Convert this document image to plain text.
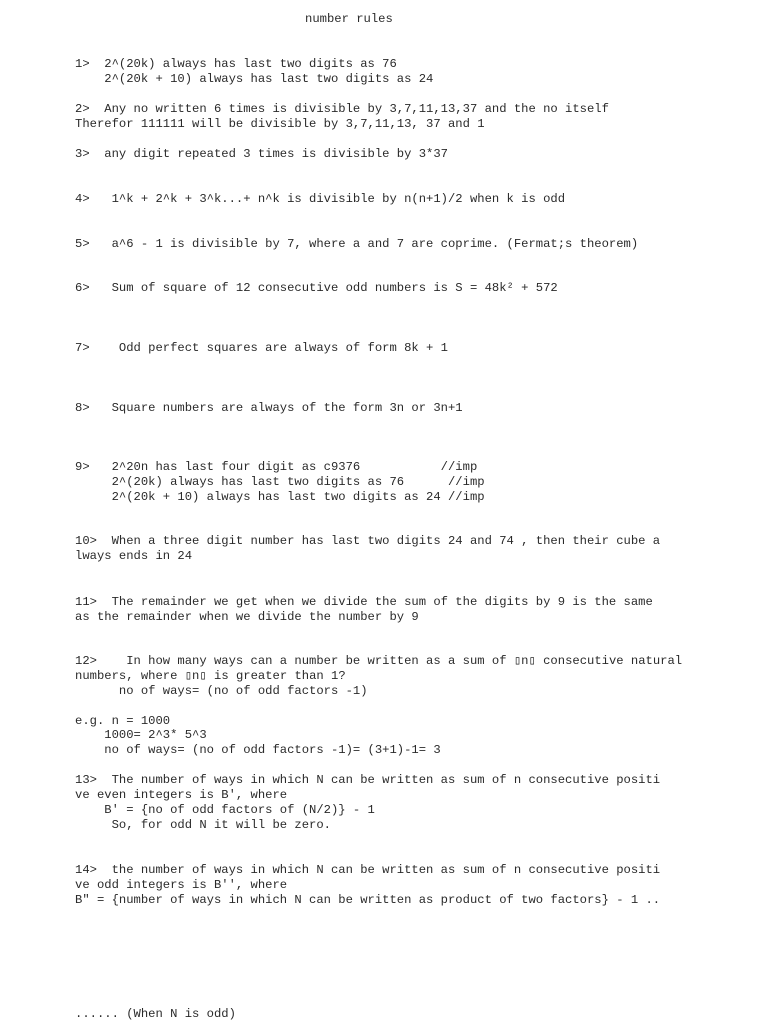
number rules
1>  2^(20k) always has last two digits as 76
2^(20k + 10) always has last two digits as 24
2>  Any no written 6 times is divisible by 3,7,11,13,37 and the no itself
Therefor 111111 will be divisible by 3,7,11,13, 37 and 1
3>  any digit repeated 3 times is divisible by 3*37
4>   1^k + 2^k + 3^k...+ n^k is divisible by n(n+1)/2 when k is odd
5>   a^6 - 1 is divisible by 7, where a and 7 are coprime. (Fermat;s theorem)
6>   Sum of square of 12 consecutive odd numbers is S = 48k² + 572
7>    Odd perfect squares are always of form 8k + 1
8>   Square numbers are always of the form 3n or 3n+1
9>   2^20n has last four digit as c9376           //imp
2^(20k) always has last two digits as 76      //imp
2^(20k + 10) always has last two digits as 24 //imp
10>  When a three digit number has last two digits 24 and 74 , then their cube a
lways ends in 24
11>  The remainder we get when we divide the sum of the digits by 9 is the same
as the remainder when we divide the number by 9
12>    In how many ways can a number be written as a sum of ▯n▯ consecutive natural
numbers, where ▯n▯ is greater than 1?
no of ways= (no of odd factors -1)
e.g. n = 1000
1000= 2^3* 5^3
no of ways= (no of odd factors -1)= (3+1)-1= 3
13>  The number of ways in which N can be written as sum of n consecutive positi
ve even integers is B', where
B' = {no of odd factors of (N/2)} - 1
So, for odd N it will be zero.
14>  the number of ways in which N can be written as sum of n consecutive positi
ve odd integers is B'', where
B" = {number of ways in which N can be written as product of two factors} - 1 ..
...... (When N is odd)
